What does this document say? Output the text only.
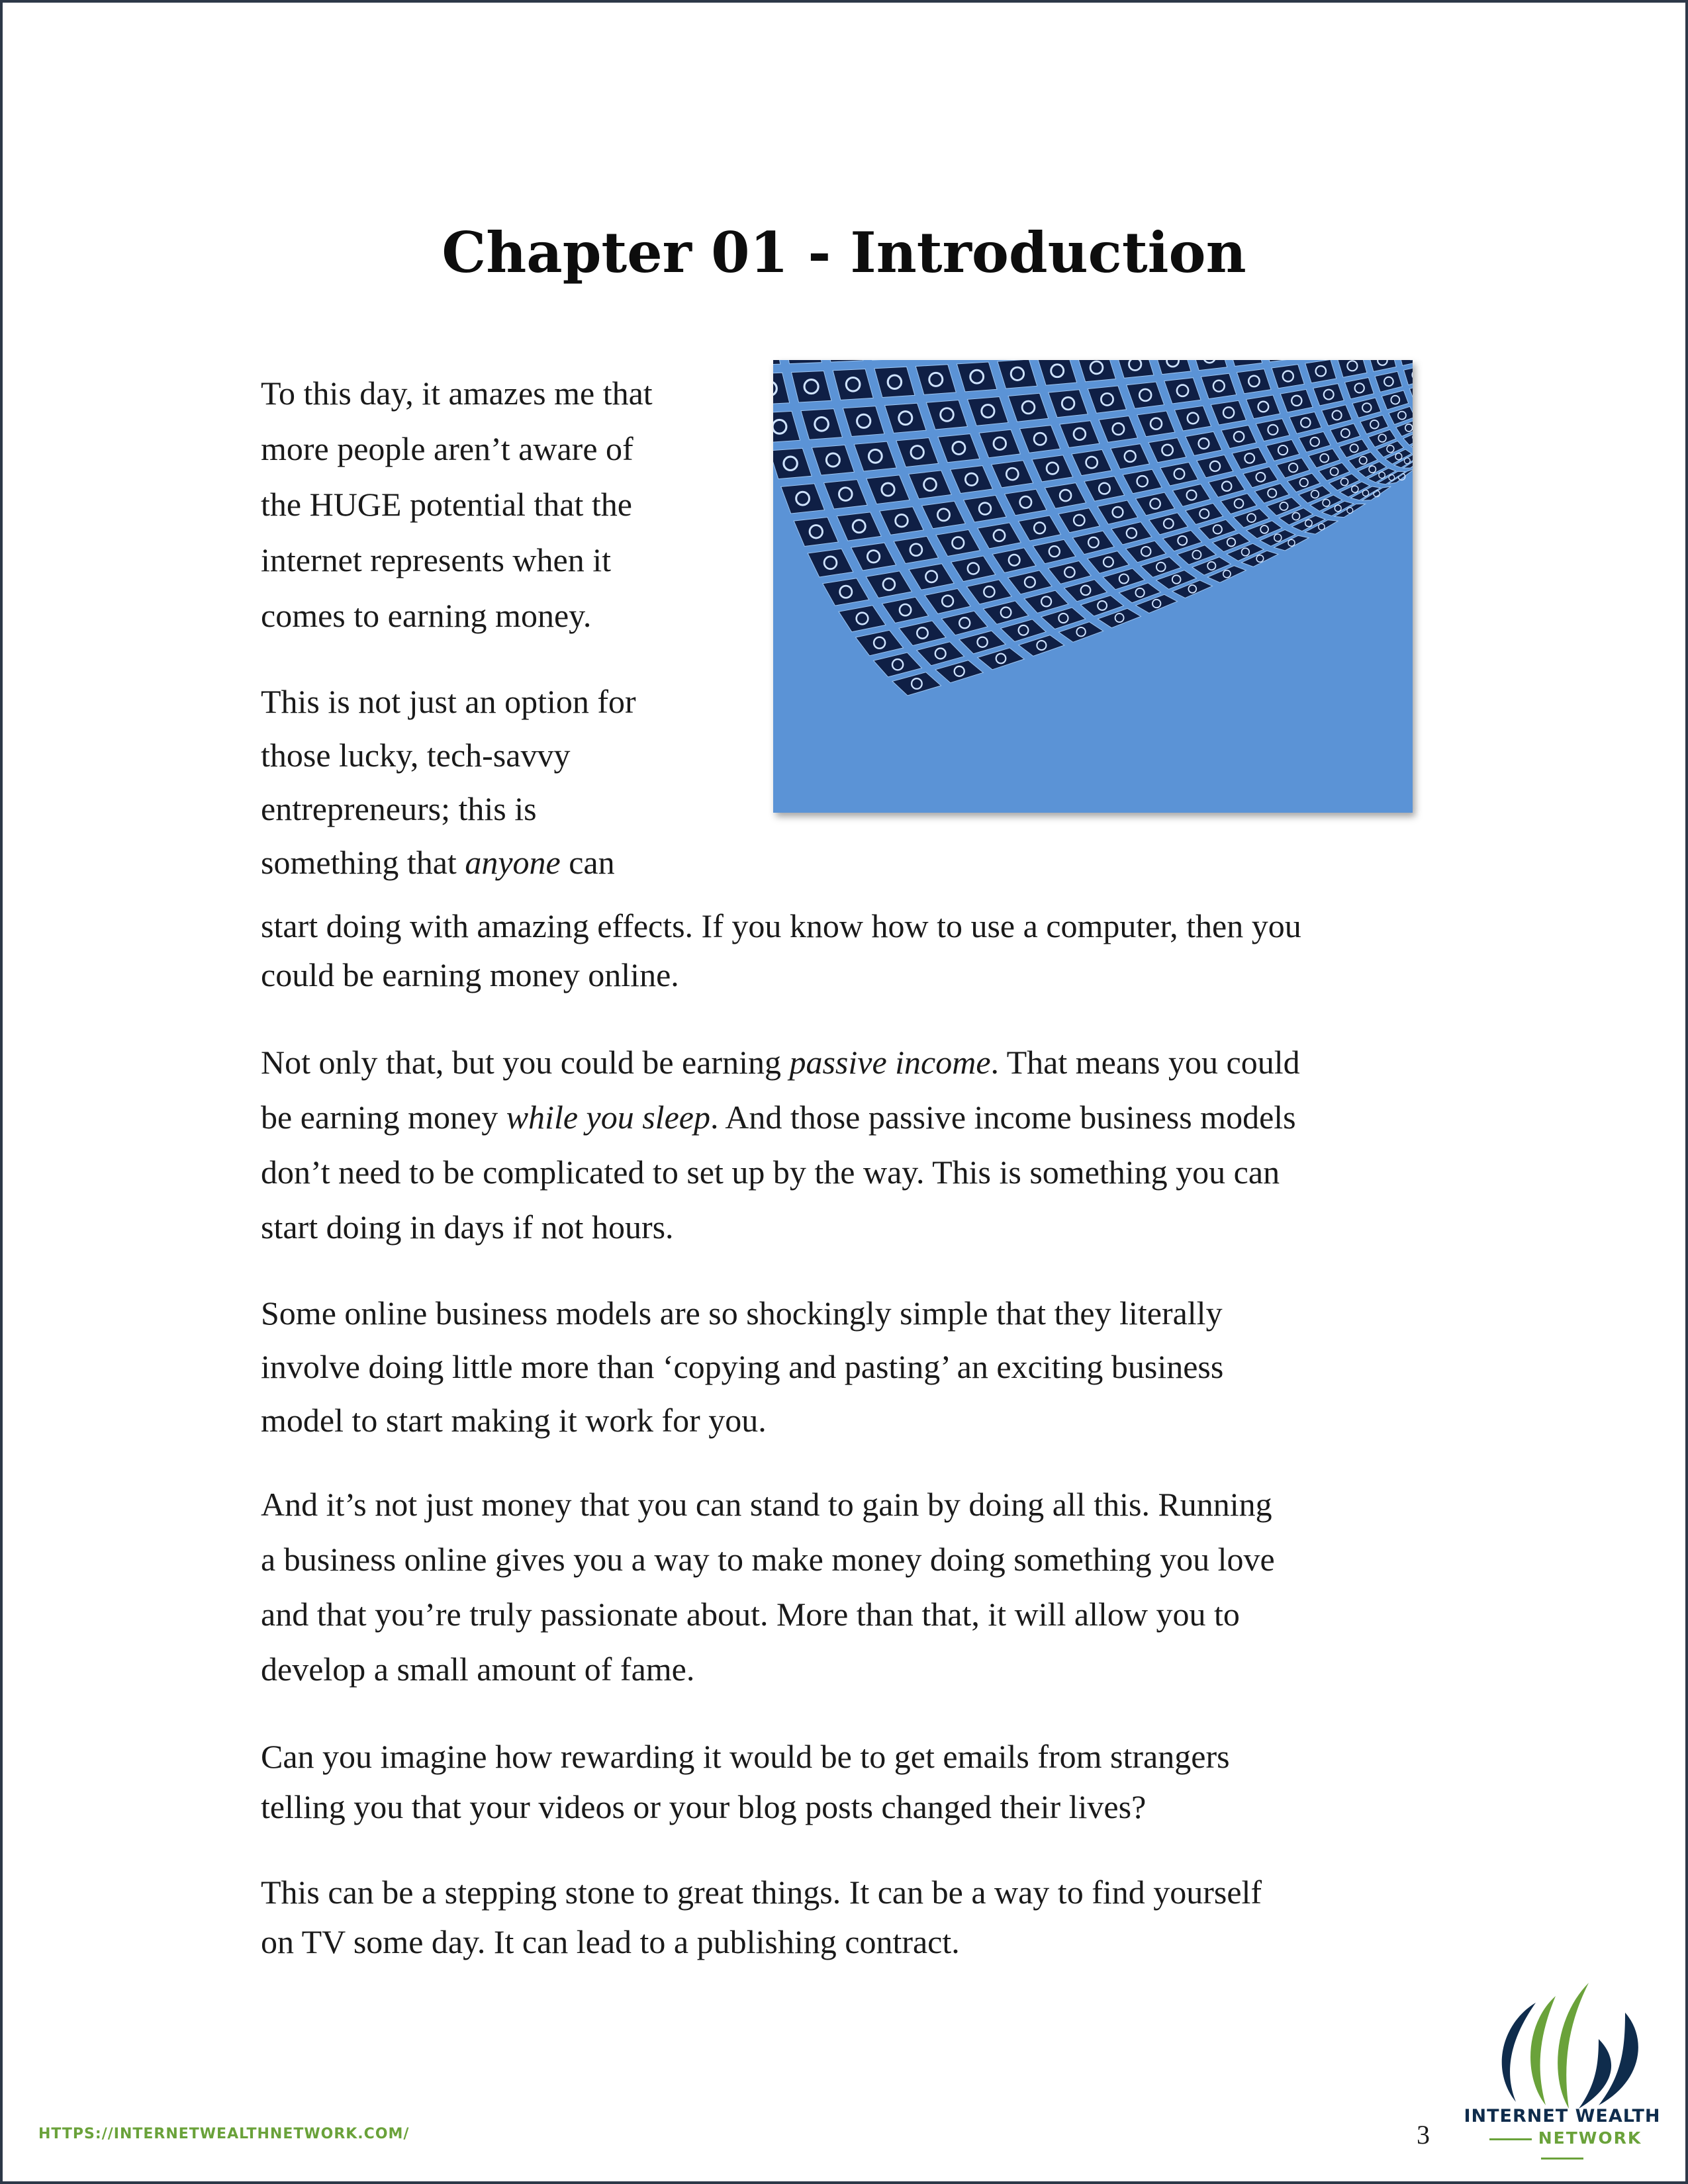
Chapter 01 - Introduction
To this day, it amazes me that
more people aren’t aware of
the HUGE potential that the
internet represents when it
comes to earning money.
This is not just an option for
those lucky, tech-savvy
entrepreneurs; this is
something that anyone can
start doing with amazing effects. If you know how to use a computer, then you
could be earning money online.
Not only that, but you could be earning passive income. That means you could
be earning money while you sleep. And those passive income business models
don’t need to be complicated to set up by the way. This is something you can
start doing in days if not hours.
Some online business models are so shockingly simple that they literally
involve doing little more than ‘copying and pasting’ an exciting business
model to start making it work for you.
And it’s not just money that you can stand to gain by doing all this. Running
a business online gives you a way to make money doing something you love
and that you’re truly passionate about. More than that, it will allow you to
develop a small amount of fame.
Can you imagine how rewarding it would be to get emails from strangers
telling you that your videos or your blog posts changed their lives?
This can be a stepping stone to great things. It can be a way to find yourself
on TV some day. It can lead to a publishing contract.
HTTPS://INTERNETWEALTHNETWORK.COM/	3
INTERNET WEALTH
NETWORK
